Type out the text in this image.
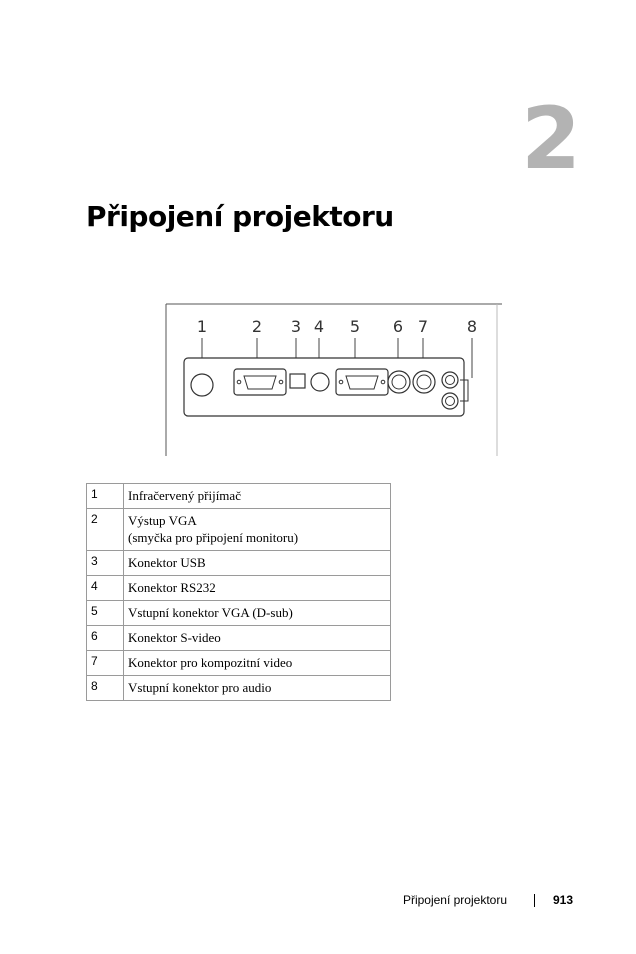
2
Připojení projektoru
1	2 3 4 5 6 7 8
1	Infračervený přijímač

2	Výstup VGA
(smyčka pro připojení monitoru)

3	Konektor USB

4	Konektor RS232

5	Vstupní konektor VGA (D-sub)

6	Konektor S-video

7	Konektor pro kompozitní video

8	Vstupní konektor pro audio
Připojení projektoru	913
